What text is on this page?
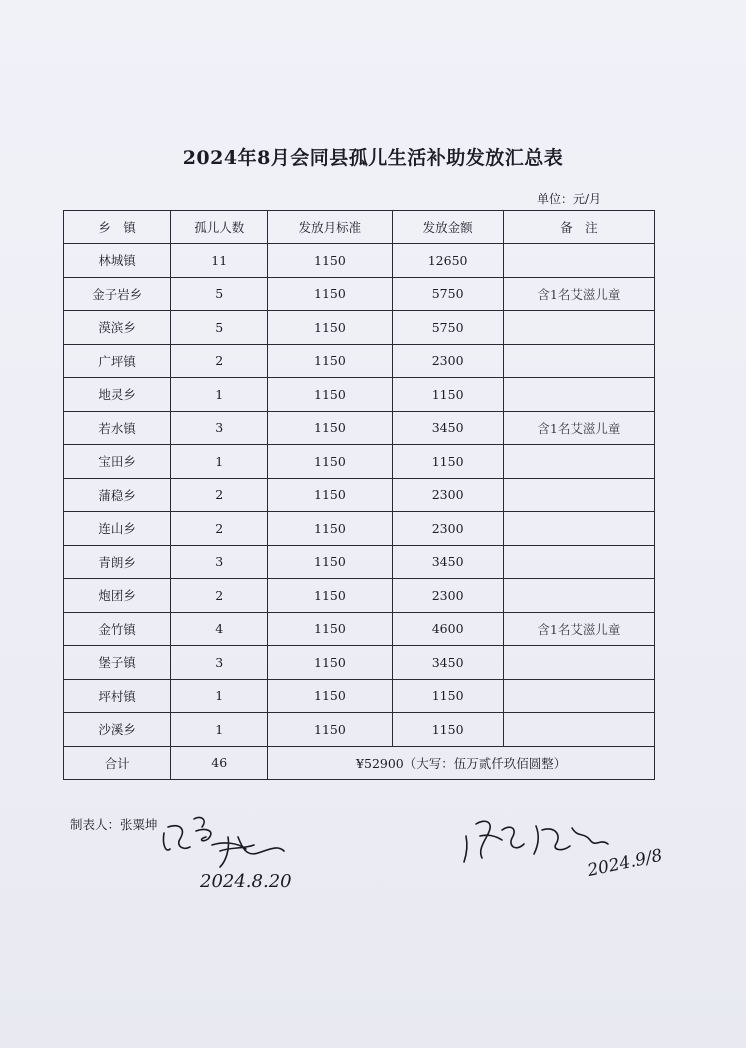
2024年8月会同县孤儿生活补助发放汇总表
单位：元/月
乡　镇	孤儿人数	发放月标准	发放金额	备　注
林城镇	11	1150	12650	
金子岩乡	5	1150	5750	含1名艾滋儿童
漠滨乡	5	1150	5750	
广坪镇	2	1150	2300	
地灵乡	1	1150	1150	
若水镇	3	1150	3450	含1名艾滋儿童
宝田乡	1	1150	1150	
蒲稳乡	2	1150	2300	
连山乡	2	1150	2300	
青朗乡	3	1150	3450	
炮团乡	2	1150	2300	
金竹镇	4	1150	4600	含1名艾滋儿童
堡子镇	3	1150	3450	
坪村镇	1	1150	1150	
沙溪乡	1	1150	1150	
合计	46	¥52900（大写：伍万贰仟玖佰圆整）		
制表人：张粟坤
2024.8.20
2024.9/8
